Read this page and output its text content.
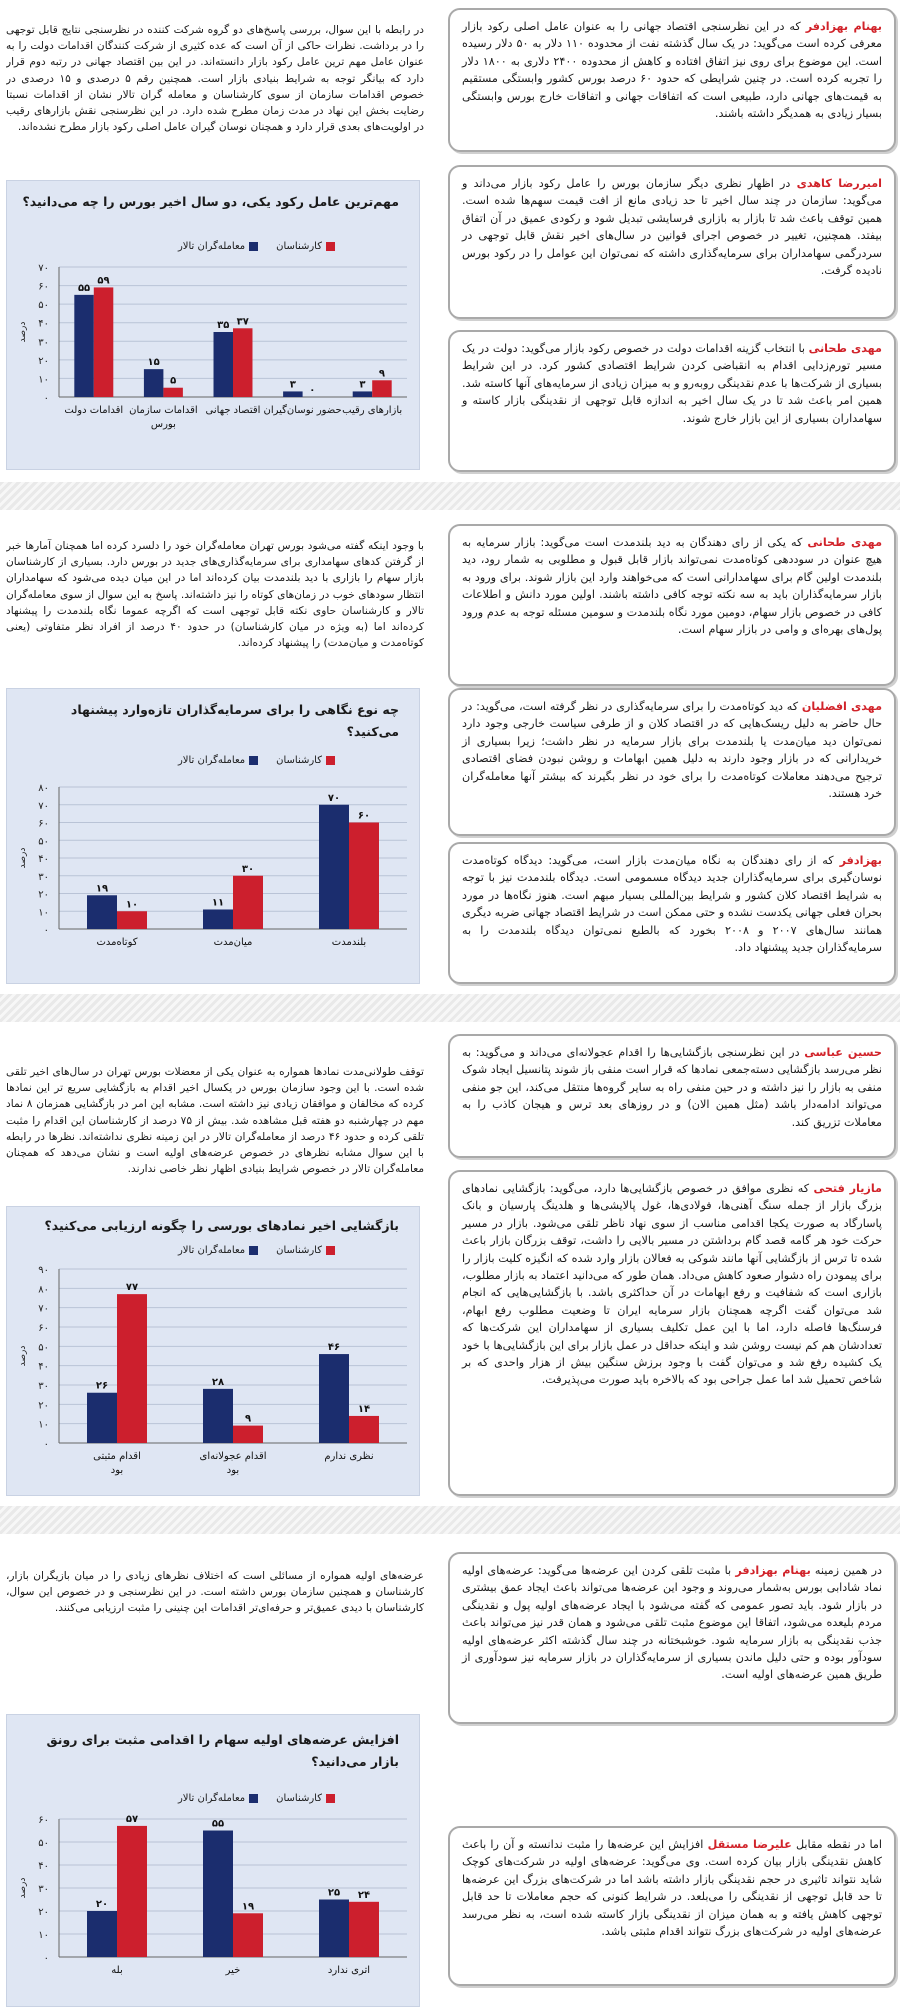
بهنام بهزادفر که در این نظرسنجی اقتصاد جهانی را به عنوان عامل اصلی رکود بازار معرفی کرده است می‌گوید: در یک سال گذشته نفت از محدوده ۱۱۰ دلار به ۵۰ دلار رسیده است. این موضوع برای روی نیز اتفاق افتاده و کاهش از محدوده ۲۴۰۰ دلاری به ۱۸۰۰ دلار را تجربه کرده است. در چنین شرایطی که حدود ۶۰ درصد بورس کشور وابستگی مستقیم به قیمت‌های جهانی دارد، طبیعی است که اتفاقات جهانی و اتفاقات خارج بورس وابستگی بسیار زیادی به همدیگر داشته باشند.
امیررضا کاهدی در اظهار نظری دیگر سازمان بورس را عامل رکود بازار می‌داند و می‌گوید: سازمان در چند سال اخیر تا حد زیادی مانع از افت قیمت سهم‌ها شده است. همین توقف باعث شد تا بازار به بازاری فرسایشی تبدیل شود و رکودی عمیق در آن اتفاق بیفتد. همچنین، تغییر در خصوص اجرای قوانین در سال‌های اخیر نقش قابل توجهی در سردرگمی سهامداران برای سرمایه‌گذاری داشته که نمی‌توان این عوامل را در رکود بورس نادیده گرفت.
مهدی طحانی با انتخاب گزینه اقدامات دولت در خصوص رکود بازار می‌گوید: دولت در یک مسیر تورم‌زدایی اقدام به انقباضی کردن شرایط اقتصادی کشور کرد. در این شرایط بسیاری از شرکت‌ها با عدم نقدینگی روبه‌رو و به میزان زیادی از سرمایه‌های آنها کاسته شد. همین امر باعث شد تا در یک سال اخیر به اندازه قابل توجهی از نقدینگی بازار کاسته و سهامداران بسیاری از این بازار خارج شوند.
در رابطه با این سوال، بررسی پاسخ‌های دو گروه شرکت کننده در نظرسنجی نتایج قابل توجهی را در برداشت. نظرات حاکی از آن است که عده کثیری از شرکت کنندگان اقدامات دولت را به عنوان عامل مهم ترین عامل رکود بازار دانسته‌اند. در این بین اقتصاد جهانی در رتبه دوم قرار دارد که بیانگر توجه به شرایط بنیادی بازار است. همچنین رقم ۵ درصدی و ۱۵ درصدی در خصوص اقدامات سازمان از سوی کارشناسان و معامله گران تالار نشان از اقدامات نسبتا رضایت بخش این نهاد در مدت زمان مطرح شده دارد. در این نظرسنجی نقش بازارهای رقیب در اولویت‌های بعدی قرار دارد و همچنان نوسان گیران عامل اصلی رکود بازار مطرح نشده‌اند.
مهم‌ترین عامل رکود یکی، دو سال اخیر بورس را چه می‌دانید؟
کارشناسان
معامله‌گران تالار
۰
۱۰
۲۰
۳۰
۴۰
۵۰
۶۰
۷۰
درصد
۵۵
۵۹
اقدامات دولت
۱۵
۵
اقدامات سازمان
بورس
۳۵ ۳۷
اقتصاد جهانی
۳
۰
حضور نوسان‌گیران
۳
۹
بازارهای رقیب
مهدی طحانی که یکی از رای دهندگان به دید بلندمدت است می‌گوید: بازار سرمایه به هیچ عنوان در سوددهی کوتاه‌مدت نمی‌تواند بازار قابل قبول و مطلوبی به شمار رود، دید بلندمدت اولین گام برای سهامدارانی است که می‌خواهند وارد این بازار شوند. برای ورود به بازار سرمایه‌گذاران باید به سه نکته توجه کافی داشته باشند. اولین مورد دانش و اطلاعات کافی در خصوص بازار سهام، دومین مورد نگاه بلندمدت و سومین مسئله توجه به عدم ورود پول‌های بهره‌ای و وامی در بازار سهام است.
مهدی افضلیان که دید کوتاه‌مدت را برای سرمایه‌گذاری در نظر گرفته است، می‌گوید: در حال حاضر به دلیل ریسک‌هایی که در اقتصاد کلان و از طرفی سیاست خارجی وجود دارد نمی‌توان دید میان‌مدت یا بلندمدت برای بازار سرمایه در نظر داشت؛ زیرا بسیاری از خریدارانی که در بازار وجود دارند به دلیل همین ابهامات و روشن نبودن فضای اقتصادی ترجیح می‌دهند معاملات کوتاه‌مدت را برای خود در نظر بگیرند که بیشتر آنها معامله‌گران خرد هستند.
بهزادفر که از رای دهندگان به نگاه میان‌مدت بازار است، می‌گوید: دیدگاه کوتاه‌مدت نوسان‌گیری برای سرمایه‌گذاران جدید دیدگاه مسمومی است. دیدگاه بلندمدت نیز با توجه به شرایط اقتصاد کلان کشور و شرایط بین‌المللی بسیار مبهم است. هنوز نگاه‌ها در مورد بحران فعلی جهانی یکدست نشده و حتی ممکن است در شرایط اقتصاد جهانی ضربه دیگری همانند سال‌های ۲۰۰۷ و ۲۰۰۸ بخورد که بالطبع نمی‌توان دیدگاه بلندمدت را به سرمایه‌گذاران جدید پیشنهاد داد.
با وجود اینکه گفته می‌شود بورس تهران معامله‌گران خود را دلسرد کرده اما همچنان آمارها خبر از گرفتن کدهای سهامداری برای سرمایه‌گذاری‌های جدید در بورس دارد. بسیاری از کارشناسان بازار سهام را بازاری با دید بلندمدت بیان کرده‌اند اما در این میان دیده می‌شود که سهامداران انتظار سودهای خوب در زمان‌های کوتاه را نیز داشته‌اند. پاسخ به این سوال از سوی معامله‌گران تالار و کارشناسان حاوی نکته قابل توجهی است که اگرچه عموما نگاه بلندمدت را پیشنهاد کرده‌اند اما (به ویژه در میان کارشناسان) در حدود ۴۰ درصد از افراد نظر متفاوتی (یعنی کوتاه‌مدت و میان‌مدت) را پیشنهاد کرده‌اند.
چه نوع نگاهی را برای سرمایه‌گذاران تازه‌وارد پیشنهاد می‌کنید؟
کارشناسان
معامله‌گران تالار
۰
۱۰
۲۰
۳۰
۴۰
۵۰
۶۰
۷۰
۸۰
درصد
۱۹
۱۰
کوتاه‌مدت
۱۱
۳۰
میان‌مدت
۷۰
۶۰
بلندمدت
حسین عباسی در این نظرسنجی بازگشایی‌ها را اقدام عجولانه‌ای می‌داند و می‌گوید: به نظر می‌رسد بازگشایی دسته‌جمعی نمادها که قرار است منفی باز شوند پتانسیل ایجاد شوک منفی به بازار را نیز داشته و در حین منفی راه به سایر گروه‌ها منتقل می‌کند، این جو منفی می‌تواند ادامه‌دار باشد (مثل همین الان) و در روزهای بعد ترس و هیجان کاذب را به معاملات تزریق کند.
مازیار فتحی که نظری موافق در خصوص بازگشایی‌ها دارد، می‌گوید: بازگشایی نمادهای بزرگ بازار از جمله سنگ آهنی‌ها، فولادی‌ها، غول پالایشی‌ها و هلدینگ پارسیان و بانک پاسارگاد به صورت یکجا اقدامی مناسب از سوی نهاد ناظر تلقی می‌شود. بازار در مسیر حرکت خود هر گامه قصد گام برداشتن در مسیر بالایی را داشت، توقف بزرگان بازار باعث شده تا ترس از بازگشایی آنها مانند شوکی به فعالان بازار وارد شده که انگیزه کلیت بازار را برای پیمودن راه دشوار صعود کاهش می‌داد. همان طور که می‌دانید اعتماد به بازار مطلوب، بازاری است که شفافیت و رفع ابهامات در آن حداکثری باشد. با بازگشایی‌هایی که انجام شد می‌توان گفت اگرچه همچنان بازار سرمایه ایران تا وضعیت مطلوب رفع ابهام، فرسنگ‌ها فاصله دارد، اما با این عمل تکلیف بسیاری از سهامداران این شرکت‌ها که تعدادشان هم کم نیست روشن شد و اینکه حداقل در عمل بازار برای این بازگشایی‌ها با خود یک کشیده رفع شد و می‌توان گفت با وجود برزش سنگین بیش از هزار واحدی که بر شاخص تحمیل شد اما عمل جراحی بود که بالاخره باید صورت می‌پذیرفت.
توقف طولانی‌مدت نمادها همواره به عنوان یکی از معضلات بورس تهران در سال‌های اخیر تلقی شده است. با این وجود سازمان بورس در یکسال اخیر اقدام به بازگشایی سریع تر این نمادها کرده که مخالفان و موافقان زیادی نیز داشته است. مشابه این امر در بازگشایی همزمان ۸ نماد مهم در چهارشنبه دو هفته قبل مشاهده شد. بیش از ۷۵ درصد از کارشناسان این اقدام را مثبت تلقی کرده و حدود ۴۶ درصد از معامله‌گران تالار در این زمینه نظری نداشته‌اند. نظرها در رابطه با این سوال مشابه نظرهای در خصوص عرضه‌های اولیه است و نشان می‌دهد که همچنان معامله‌گران تالار در خصوص شرایط بنیادی اظهار نظر خاصی ندارند.
بازگشایی اخیر نمادهای بورسی را چگونه ارزیابی می‌کنید؟
کارشناسان
معامله‌گران تالار
۰
۱۰
۲۰
۳۰
۴۰
۵۰
۶۰
۷۰
۸۰
۹۰
درصد
۲۶
۷۷
اقدام مثبتی
بود
۲۸
۹
اقدام عجولانه‌ای
بود
۴۶
۱۴
نظری ندارم
در همین زمینه بهنام بهزادفر با مثبت تلقی کردن این عرضه‌ها می‌گوید: عرضه‌های اولیه نماد شادابی بورس به‌شمار می‌روند و وجود این عرضه‌ها می‌تواند باعث ایجاد عمق بیشتری در بازار شود. باید تصور عمومی که گفته می‌شود با ایجاد عرضه‌های اولیه پول و نقدینگی مردم بلیعده می‌شود، اتفاقا این موضوع مثبت تلقی می‌شود و همان قدر نیز می‌تواند باعث جذب نقدینگی به بازار سرمایه شود. خوشبختانه در چند سال گذشته اکثر عرضه‌های اولیه سودآور بوده و حتی دلیل ماندن بسیاری از سرمایه‌گذاران در بازار سرمایه نیز سودآوری از طریق همین عرضه‌های اولیه است.
اما در نقطه مقابل علیرضا مستقل افزایش این عرضه‌ها را مثبت ندانسته و آن را باعث کاهش نقدینگی بازار بیان کرده است. وی می‌گوید: عرضه‌های اولیه در شرکت‌های کوچک شاید نتواند تاثیری در حجم نقدینگی بازار داشته باشد اما در شرکت‌های بزرگ این عرضه‌ها تا حد قابل توجهی از نقدینگی را می‌بلعد. در شرایط کنونی که حجم معاملات تا حد قابل توجهی کاهش یافته و به همان میزان از نقدینگی بازار کاسته شده است، به نظر می‌رسد عرضه‌های اولیه در شرکت‌های بزرگ نتواند اقدام مثبتی باشد.
عرضه‌های اولیه همواره از مسائلی است که اختلاف نظرهای زیادی را در میان بازیگران بازار، کارشناسان و همچنین سازمان بورس داشته است. در این نظرسنجی و در خصوص این سوال، کارشناسان با دیدی عمیق‌تر و حرفه‌ای‌تر اقدامات این چنینی را مثبت ارزیابی می‌کنند.
افزایش عرضه‌های اولیه سهام را اقدامی مثبت برای رونق بازار می‌دانید؟
کارشناسان
معامله‌گران تالار
۰
۱۰
۲۰
۳۰
۴۰
۵۰
۶۰
درصد
۲۰
۵۷
بله
۵۵
۱۹
خیر
۲۵ ۲۴
اتری ندارد
